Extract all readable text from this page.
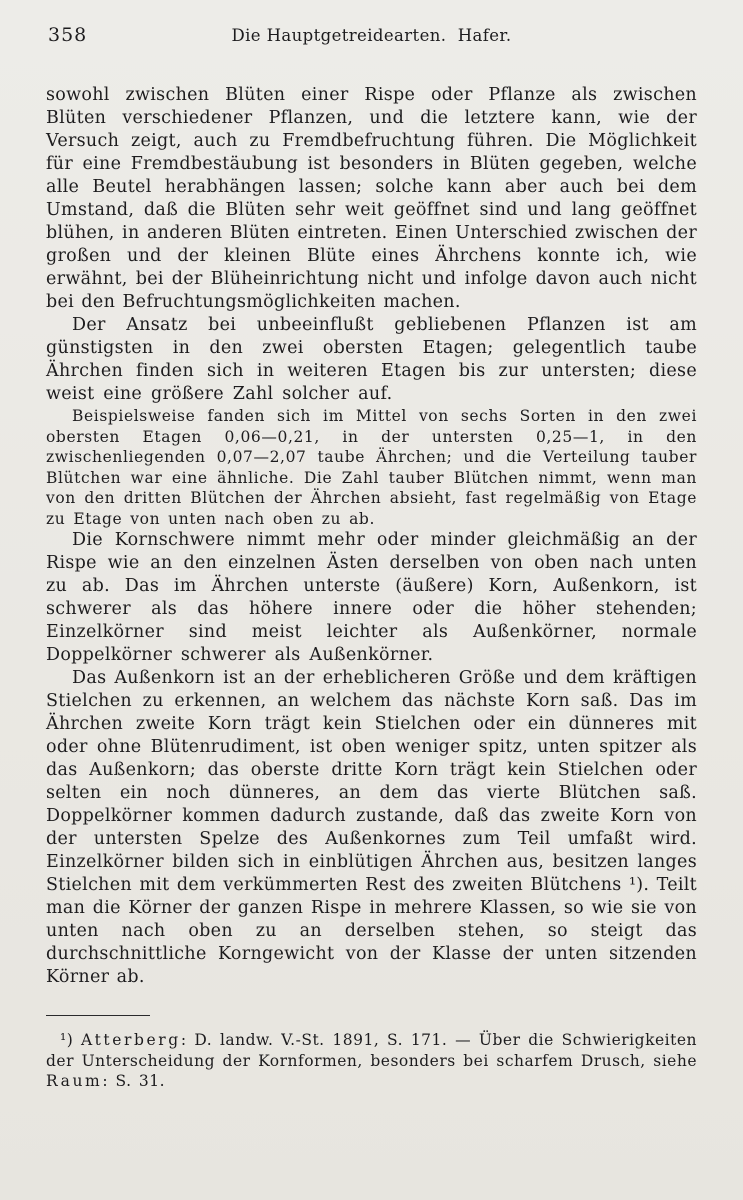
358	Die Hauptgetreidearten.  Hafer.

sowohl zwischen Blüten einer Rispe oder Pflanze als zwischen Blüten verschiedener Pflanzen, und die letztere kann, wie der Versuch zeigt, auch zu Fremdbefruchtung führen. Die Möglichkeit für eine Fremdbestäubung ist besonders in Blüten gegeben, welche alle Beutel herabhängen lassen; solche kann aber auch bei dem Umstand, daß die Blüten sehr weit geöffnet sind und lang geöffnet blühen, in anderen Blüten eintreten. Einen Unterschied zwischen der großen und der kleinen Blüte eines Ährchens konnte ich, wie erwähnt, bei der Blüheinrichtung nicht und infolge davon auch nicht bei den Befruchtungsmöglichkeiten machen.

Der Ansatz bei unbeeinflußt gebliebenen Pflanzen ist am günstigsten in den zwei obersten Etagen; gelegentlich taube Ährchen finden sich in weiteren Etagen bis zur untersten; diese weist eine größere Zahl solcher auf.

Beispielsweise fanden sich im Mittel von sechs Sorten in den zwei obersten Etagen 0,06—0,21, in der untersten 0,25—1, in den zwischenliegenden 0,07—2,07 taube Ährchen; und die Verteilung tauber Blütchen war eine ähnliche. Die Zahl tauber Blütchen nimmt, wenn man von den dritten Blütchen der Ährchen absieht, fast regelmäßig von Etage zu Etage von unten nach oben zu ab.

Die Kornschwere nimmt mehr oder minder gleichmäßig an der Rispe wie an den einzelnen Ästen derselben von oben nach unten zu ab. Das im Ährchen unterste (äußere) Korn, Außenkorn, ist schwerer als das höhere innere oder die höher stehenden; Einzelkörner sind meist leichter als Außenkörner, normale Doppelkörner schwerer als Außenkörner.

Das Außenkorn ist an der erheblicheren Größe und dem kräftigen Stielchen zu erkennen, an welchem das nächste Korn saß. Das im Ährchen zweite Korn trägt kein Stielchen oder ein dünneres mit oder ohne Blütenrudiment, ist oben weniger spitz, unten spitzer als das Außenkorn; das oberste dritte Korn trägt kein Stielchen oder selten ein noch dünneres, an dem das vierte Blütchen saß. Doppelkörner kommen dadurch zustande, daß das zweite Korn von der untersten Spelze des Außenkornes zum Teil umfaßt wird. Einzelkörner bilden sich in einblütigen Ährchen aus, besitzen langes Stielchen mit dem verkümmerten Rest des zweiten Blütchens ¹). Teilt man die Körner der ganzen Rispe in mehrere Klassen, so wie sie von unten nach oben zu an derselben stehen, so steigt das durchschnittliche Korngewicht von der Klasse der unten sitzenden Körner ab.

¹) Atterberg: D. landw. V.-St. 1891, S. 171. — Über die Schwierigkeiten der Unterscheidung der Kornformen, besonders bei scharfem Drusch, siehe Raum: S. 31.
